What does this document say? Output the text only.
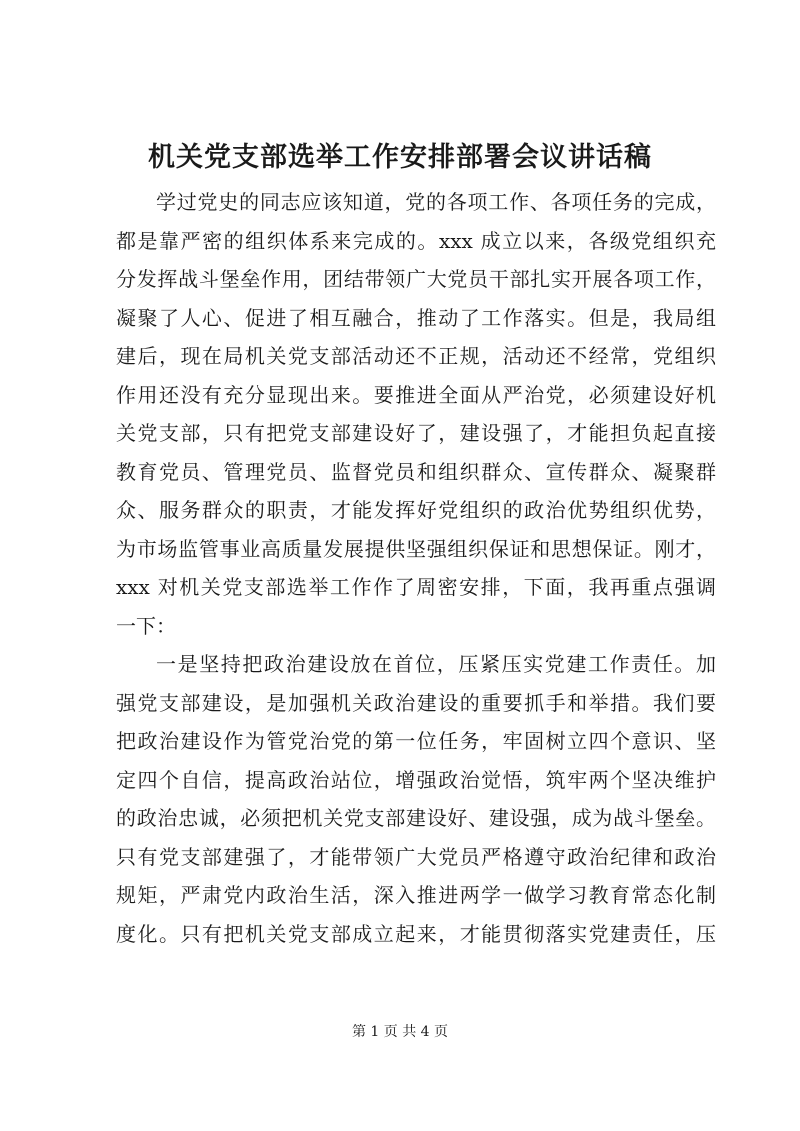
机关党支部选举工作安排部署会议讲话稿
学过党史的同志应该知道，党的各项工作、各项任务的完成，
都是靠严密的组织体系来完成的。xxx 成立以来，各级党组织充
分发挥战斗堡垒作用，团结带领广大党员干部扎实开展各项工作，
凝聚了人心、促进了相互融合，推动了工作落实。但是，我局组
建后，现在局机关党支部活动还不正规，活动还不经常，党组织
作用还没有充分显现出来。要推进全面从严治党，必须建设好机
关党支部，只有把党支部建设好了，建设强了，才能担负起直接
教育党员、管理党员、监督党员和组织群众、宣传群众、凝聚群
众、服务群众的职责，才能发挥好党组织的政治优势组织优势，
为市场监管事业高质量发展提供坚强组织保证和思想保证。刚才，
xxx 对机关党支部选举工作作了周密安排，下面，我再重点强调
一下：
一是坚持把政治建设放在首位，压紧压实党建工作责任。加
强党支部建设，是加强机关政治建设的重要抓手和举措。我们要
把政治建设作为管党治党的第一位任务，牢固树立四个意识、坚
定四个自信，提高政治站位，增强政治觉悟，筑牢两个坚决维护
的政治忠诚，必须把机关党支部建设好、建设强，成为战斗堡垒。
只有党支部建强了，才能带领广大党员严格遵守政治纪律和政治
规矩，严肃党内政治生活，深入推进两学一做学习教育常态化制
度化。只有把机关党支部成立起来，才能贯彻落实党建责任，压
第 1 页 共 4 页
